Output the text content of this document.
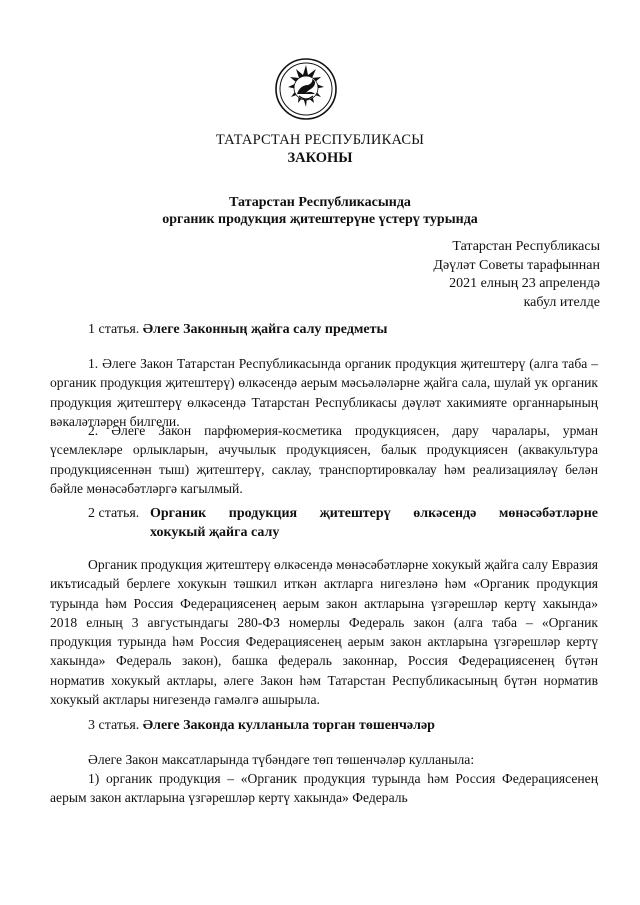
ТАТАРСТАН РЕСПУБЛИКАСЫ
ЗАКОНЫ
Татарстан Республикасында
органик продукция җитештерүне үстерү турында
Татарстан Республикасы
Дәүләт Советы тарафыннан
2021 елның 23 апрелендә
кабул ителде
1 статья. Әлеге Законның җайга салу предметы

1. Әлеге Закон Татарстан Республикасында органик продукция җитештерү (алга таба – органик продукция җитештерү) өлкәсендә аерым мәсьәләләрне җайга сала, шулай ук органик продукция җитештерү өлкәсендә Татарстан Республикасы дәүләт хакимияте органнарының вәкаләтләрен билгели.

2. Әлеге Закон парфюмерия-косметика продукциясен, дару чаралары, урман үсемлекләре орлыкларын, ачучылык продукциясен, балык продукциясен (аквакультура продукциясеннән тыш) җитештерү, саклау, транспортировкалау һәм реализацияләү белән бәйле мөнәсәбәтләргә кагылмый.

2 статья. Органик продукция җитештерү өлкәсендә мөнәсәбәтләрне
хокукый җайга салу

Органик продукция җитештерү өлкәсендә мөнәсәбәтләрне хокукый җайга салу Евразия икътисадый берлеге хокукын тәшкил иткән актларга нигезләнә һәм «Органик продукция турында һәм Россия Федерациясенең аерым закон актларына үзгәрешләр кертү хакында» 2018 елның 3 августындагы 280-ФЗ номерлы Федераль закон (алга таба – «Органик продукция турында һәм Россия Федерациясенең аерым закон актларына үзгәрешләр кертү хакында» Федераль закон), башка федераль законнар, Россия Федерациясенең бүтән норматив хокукый актлары, әлеге Закон һәм Татарстан Республикасының бүтән норматив хокукый актлары нигезендә гамәлгә ашырыла.

3 статья. Әлеге Законда кулланыла торган төшенчәләр

Әлеге Закон максатларында түбәндәге төп төшенчәләр кулланыла:

1) органик продукция – «Органик продукция турында һәм Россия Федерациясенең аерым закон актларына үзгәрешләр кертү хакында» Федераль
